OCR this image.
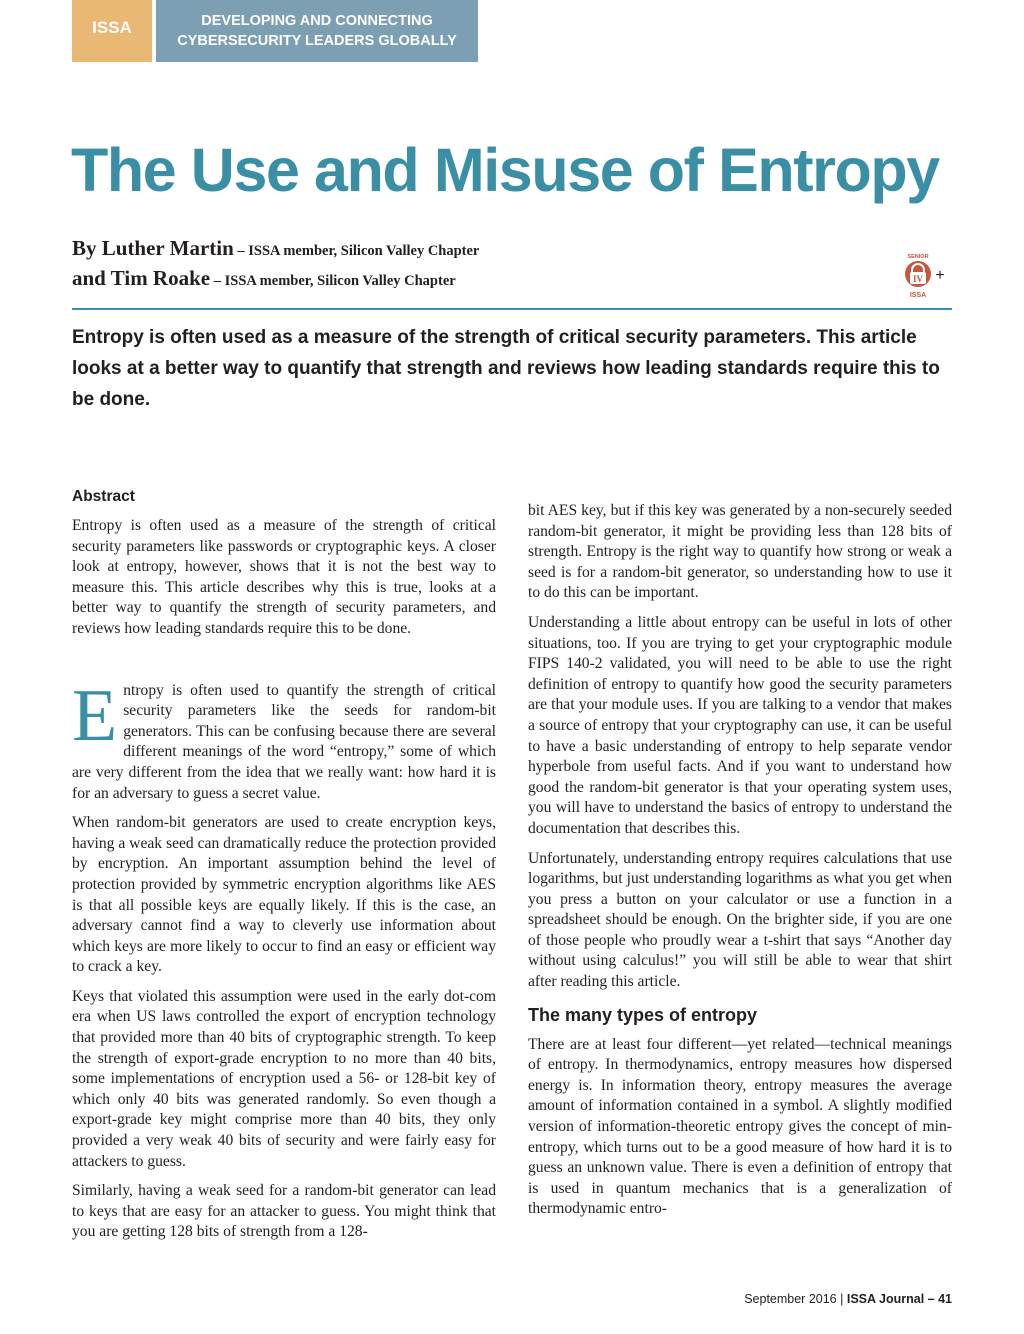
ISSA	DEVELOPING AND CONNECTING
CYBERSECURITY LEADERS GLOBALLY
The Use and Misuse of Entropy
By Luther Martin – ISSA member, Silicon Valley Chapter
and Tim Roake – ISSA member, Silicon Valley Chapter
SENIOR
IV +
ISSA

Entropy is often used as a measure of the strength of critical security parameters. This article looks at a better way to quantify that strength and reviews how leading standards require this to be done.

Abstract

Entropy is often used as a measure of the strength of critical security parameters like passwords or cryptographic keys. A closer look at entropy, however, shows that it is not the best way to measure this. This article describes why this is true, looks at a better way to quantify the strength of security parameters, and reviews how leading standards require this to be done.

Entropy is often used to quantify the strength of critical security parameters like the seeds for random-bit generators. This can be confusing because there are several different meanings of the word “entropy,” some of which are very different from the idea that we really want: how hard it is for an adversary to guess a secret value.

When random-bit generators are used to create encryption keys, having a weak seed can dramatically reduce the protection provided by encryption. An important assumption behind the level of protection provided by symmetric encryption algorithms like AES is that all possible keys are equally likely. If this is the case, an adversary cannot find a way to cleverly use information about which keys are more likely to occur to find an easy or efficient way to crack a key.

Keys that violated this assumption were used in the early dot-com era when US laws controlled the export of encryption technology that provided more than 40 bits of cryptographic strength. To keep the strength of export-grade encryption to no more than 40 bits, some implementations of encryption used a 56- or 128-bit key of which only 40 bits was generated randomly. So even though a export-grade key might comprise more than 40 bits, they only provided a very weak 40 bits of security and were fairly easy for attackers to guess.

Similarly, having a weak seed for a random-bit generator can lead to keys that are easy for an attacker to guess. You might think that you are getting 128 bits of strength from a 128-

bit AES key, but if this key was generated by a non-securely seeded random-bit generator, it might be providing less than 128 bits of strength. Entropy is the right way to quantify how strong or weak a seed is for a random-bit generator, so understanding how to use it to do this can be important.

Understanding a little about entropy can be useful in lots of other situations, too. If you are trying to get your cryptographic module FIPS 140-2 validated, you will need to be able to use the right definition of entropy to quantify how good the security parameters are that your module uses. If you are talking to a vendor that makes a source of entropy that your cryptography can use, it can be useful to have a basic understanding of entropy to help separate vendor hyperbole from useful facts. And if you want to understand how good the random-bit generator is that your operating system uses, you will have to understand the basics of entropy to understand the documentation that describes this.

Unfortunately, understanding entropy requires calculations that use logarithms, but just understanding logarithms as what you get when you press a button on your calculator or use a function in a spreadsheet should be enough. On the brighter side, if you are one of those people who proudly wear a t-shirt that says “Another day without using calculus!” you will still be able to wear that shirt after reading this article.

The many types of entropy

There are at least four different—yet related—technical meanings of entropy. In thermodynamics, entropy measures how dispersed energy is. In information theory, entropy measures the average amount of information contained in a symbol. A slightly modified version of information-theoretic entropy gives the concept of min-entropy, which turns out to be a good measure of how hard it is to guess an unknown value. There is even a definition of entropy that is used in quantum mechanics that is a generalization of thermodynamic entro-

September 2016 | ISSA Journal – 41
